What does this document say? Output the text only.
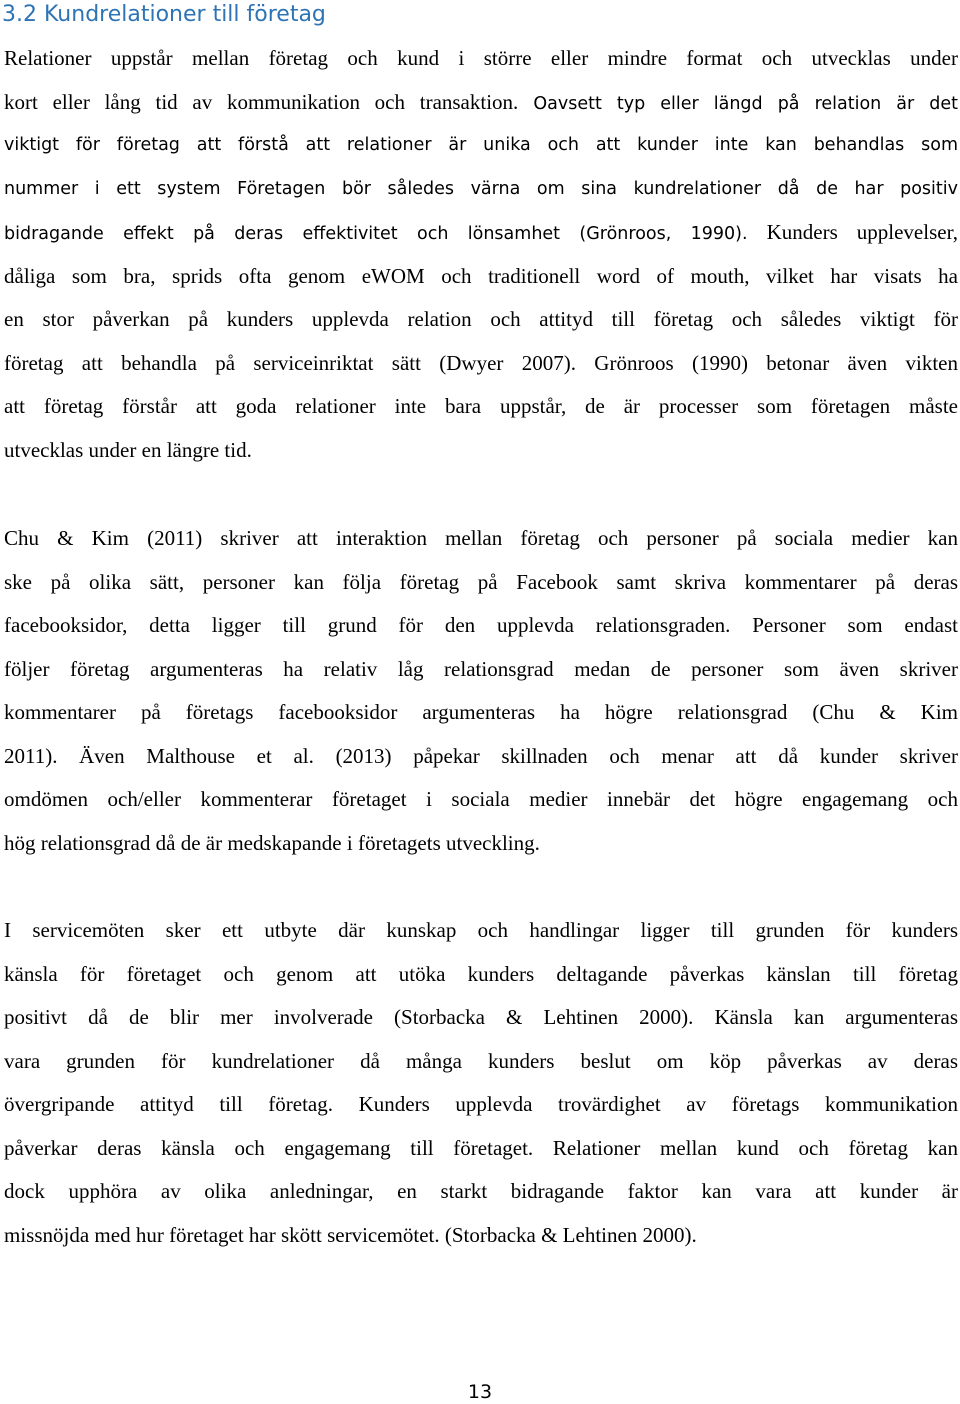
3.2 Kundrelationer till företag
Relationer uppstår mellan företag och kund i större eller mindre format och utvecklas under
kort eller lång tid av kommunikation och transaktion. Oavsett typ eller längd på relation är det
viktigt för företag att förstå att relationer är unika och att kunder inte kan behandlas som
nummer i ett system Företagen bör således värna om sina kundrelationer då de har positiv
bidragande effekt på deras effektivitet och lönsamhet (Grönroos, 1990). Kunders upplevelser,
dåliga som bra, sprids ofta genom eWOM och traditionell word of mouth, vilket har visats ha
en stor påverkan på kunders upplevda relation och attityd till företag och således viktigt för
företag att behandla på serviceinriktat sätt (Dwyer 2007). Grönroos (1990) betonar även vikten
att företag förstår att goda relationer inte bara uppstår, de är processer som företagen måste
utvecklas under en längre tid.
Chu & Kim (2011) skriver att interaktion mellan företag och personer på sociala medier kan
ske på olika sätt, personer kan följa företag på Facebook samt skriva kommentarer på deras
facebooksidor, detta ligger till grund för den upplevda relationsgraden. Personer som endast
följer företag argumenteras ha relativ låg relationsgrad medan de personer som även skriver
kommentarer på företags facebooksidor argumenteras ha högre relationsgrad (Chu & Kim
2011). Även Malthouse et al. (2013) påpekar skillnaden och menar att då kunder skriver
omdömen och/eller kommenterar företaget i sociala medier innebär det högre engagemang och
hög relationsgrad då de är medskapande i företagets utveckling.
I servicemöten sker ett utbyte där kunskap och handlingar ligger till grunden för kunders
känsla för företaget och genom att utöka kunders deltagande påverkas känslan till företag
positivt då de blir mer involverade (Storbacka & Lehtinen 2000). Känsla kan argumenteras
vara grunden för kundrelationer då många kunders beslut om köp påverkas av deras
övergripande attityd till företag. Kunders upplevda trovärdighet av företags kommunikation
påverkar deras känsla och engagemang till företaget. Relationer mellan kund och företag kan
dock upphöra av olika anledningar, en starkt bidragande faktor kan vara att kunder är
missnöjda med hur företaget har skött servicemötet. (Storbacka & Lehtinen 2000).
13
